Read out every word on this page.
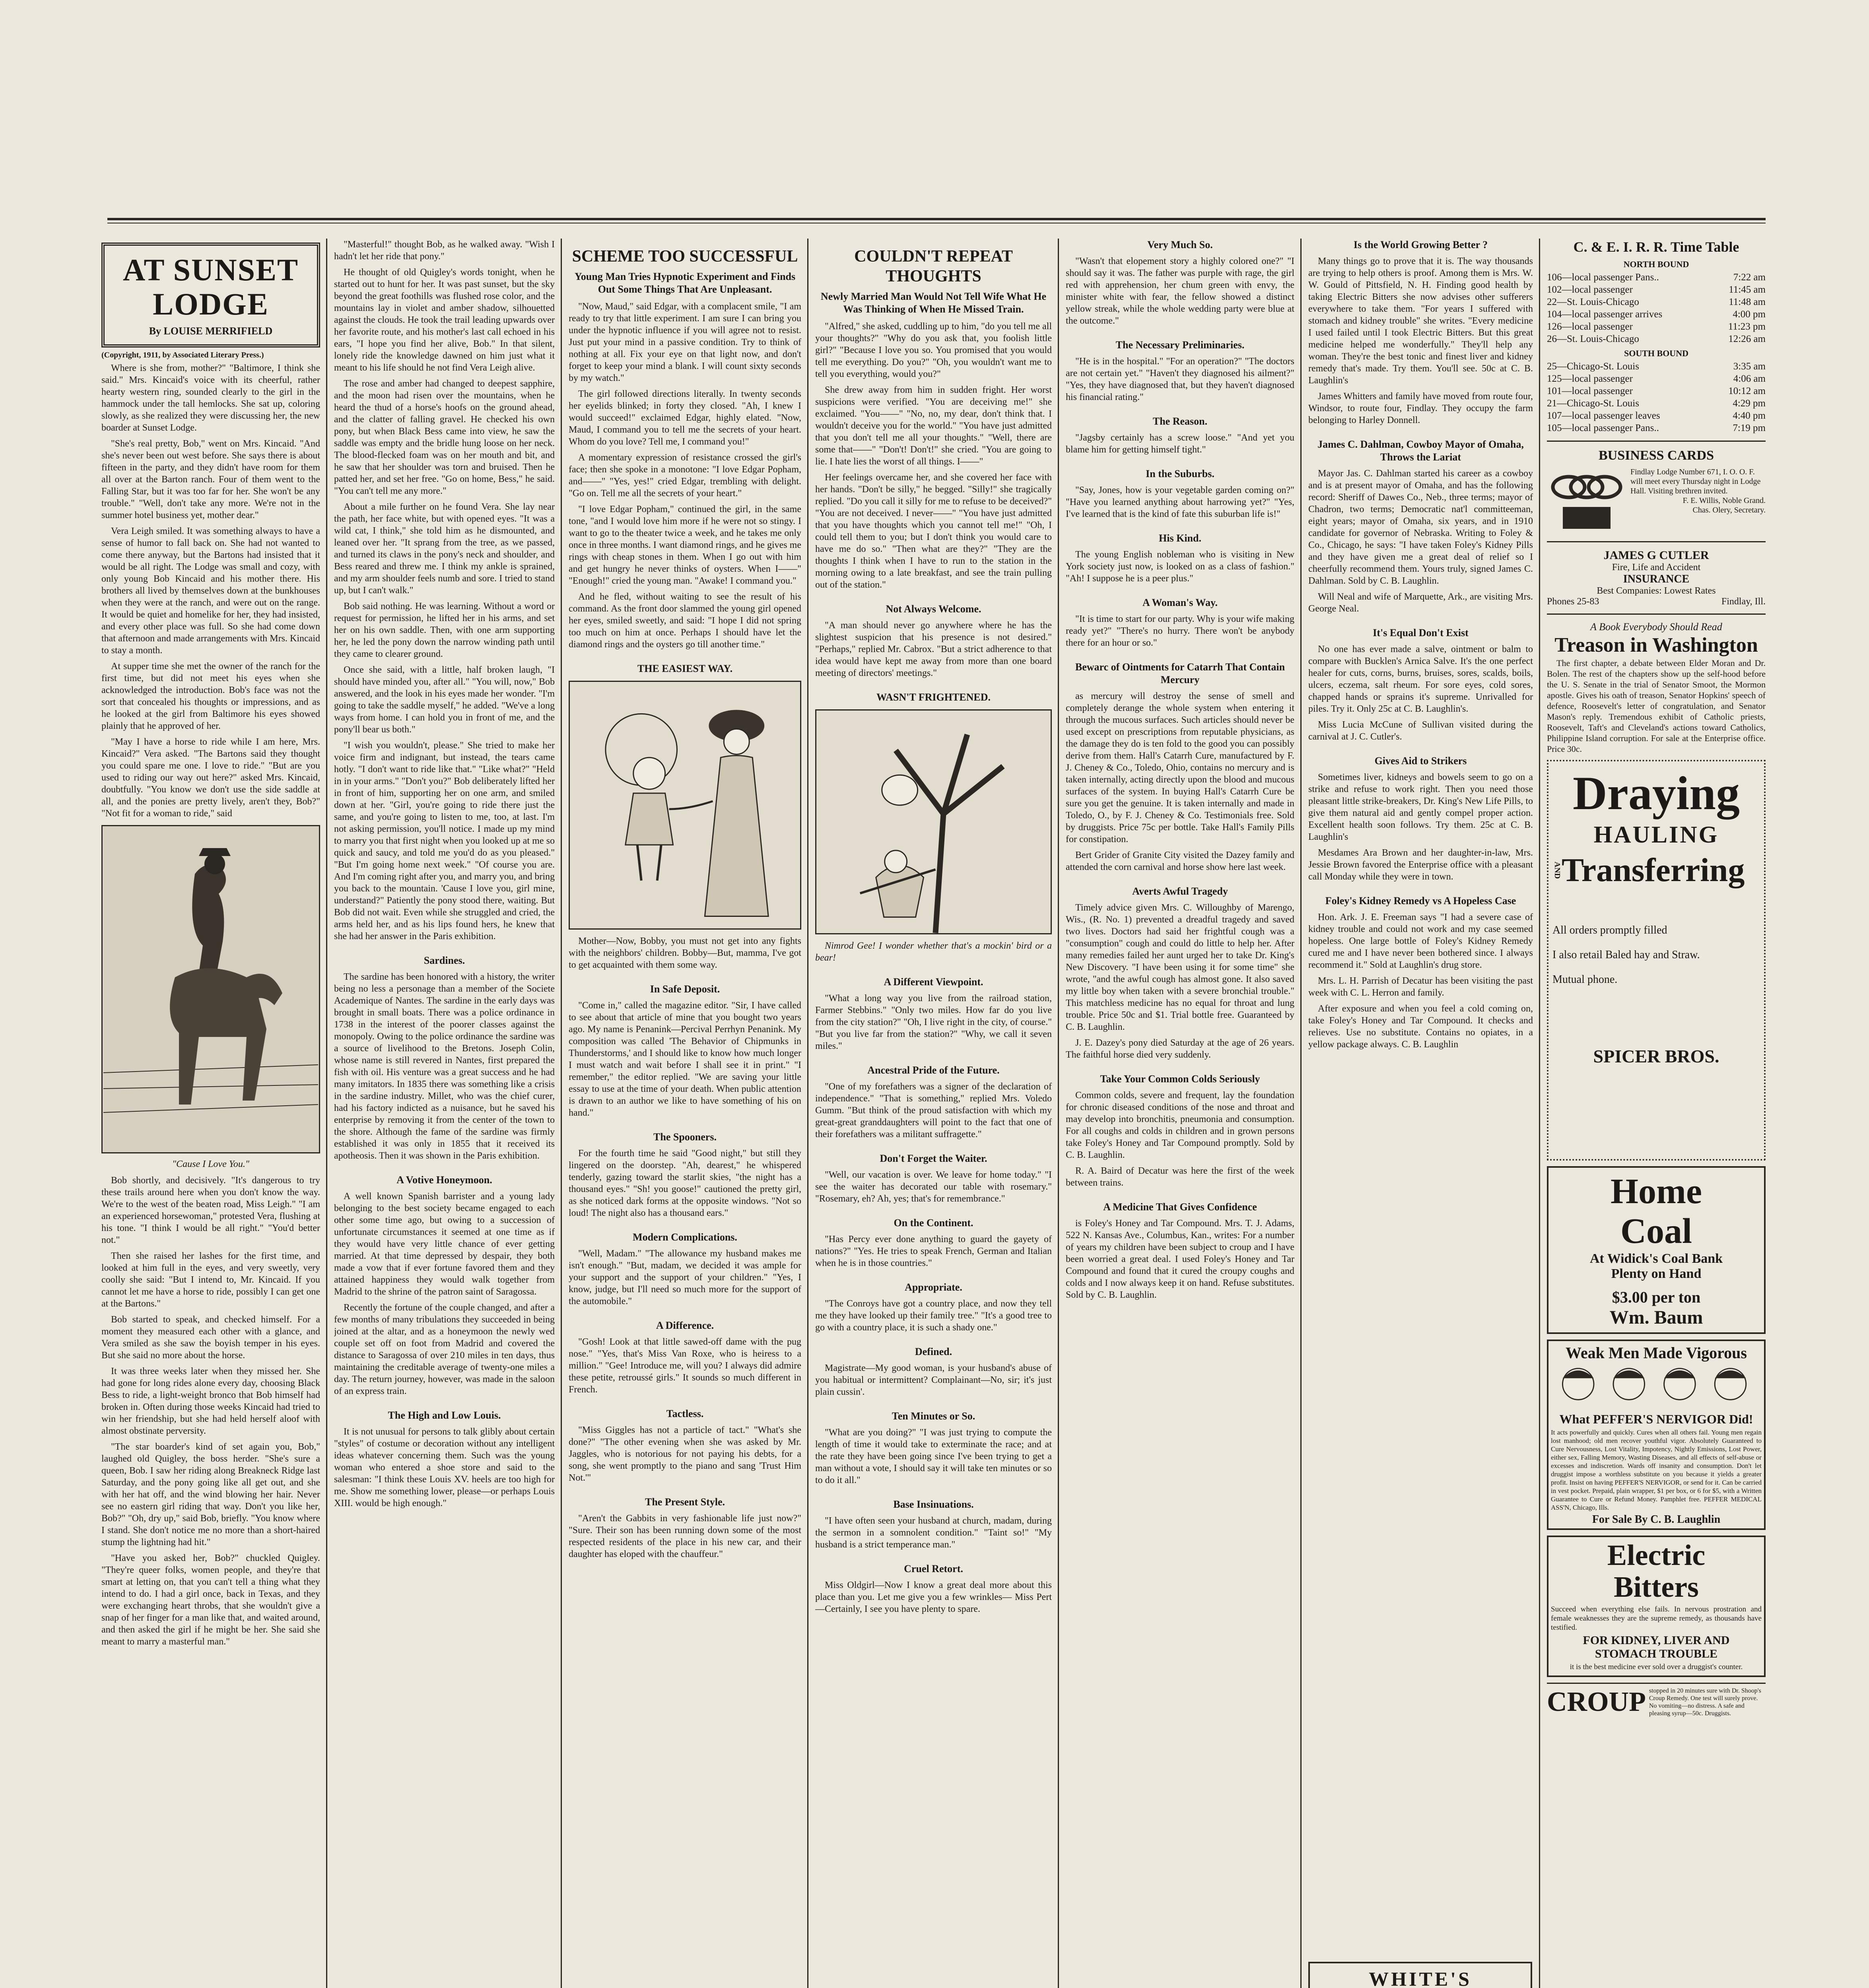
AT SUNSET
LODGE
By LOUISE MERRIFIELD
(Copyright, 1911, by Associated Literary Press.)

Where is she from, mother?" "Baltimore, I think she said." Mrs. Kincaid's voice with its cheerful, rather hearty western ring, sounded clearly to the girl in the hammock under the tall hemlocks. She sat up, coloring slowly, as she realized they were discussing her, the new boarder at Sunset Lodge.

"She's real pretty, Bob," went on Mrs. Kincaid. "And she's never been out west before. She says there is about fifteen in the party, and they didn't have room for them all over at the Barton ranch. Four of them went to the Falling Star, but it was too far for her. She won't be any trouble." "Well, don't take any more. We're not in the summer hotel business yet, mother dear."

Vera Leigh smiled. It was something always to have a sense of humor to fall back on. She had not wanted to come there anyway, but the Bartons had insisted that it would be all right. The Lodge was small and cozy, with only young Bob Kincaid and his mother there. His brothers all lived by themselves down at the bunkhouses when they were at the ranch, and were out on the range. It would be quiet and homelike for her, they had insisted, and every other place was full. So she had come down that afternoon and made arrangements with Mrs. Kincaid to stay a month.

At supper time she met the owner of the ranch for the first time, but did not meet his eyes when she acknowledged the introduction. Bob's face was not the sort that concealed his thoughts or impressions, and as he looked at the girl from Baltimore his eyes showed plainly that he approved of her.

"May I have a horse to ride while I am here, Mrs. Kincaid?" Vera asked. "The Bartons said they thought you could spare me one. I love to ride." "But are you used to riding our way out here?" asked Mrs. Kincaid, doubtfully. "You know we don't use the side saddle at all, and the ponies are pretty lively, aren't they, Bob?" "Not fit for a woman to ride," said

"Cause I Love You."

Bob shortly, and decisively. "It's dangerous to try these trails around here when you don't know the way. We're to the west of the beaten road, Miss Leigh." "I am an experienced horsewoman," protested Vera, flushing at his tone. "I think I would be all right." "You'd better not."

Then she raised her lashes for the first time, and looked at him full in the eyes, and very sweetly, very coolly she said: "But I intend to, Mr. Kincaid. If you cannot let me have a horse to ride, possibly I can get one at the Bartons."

Bob started to speak, and checked himself. For a moment they measured each other with a glance, and Vera smiled as she saw the boyish temper in his eyes. But she said no more about the horse.

It was three weeks later when they missed her. She had gone for long rides alone every day, choosing Black Bess to ride, a light-weight bronco that Bob himself had broken in. Often during those weeks Kincaid had tried to win her friendship, but she had held herself aloof with almost obstinate perversity.

"The star boarder's kind of set again you, Bob," laughed old Quigley, the boss herder. "She's sure a queen, Bob. I saw her riding along Breakneck Ridge last Saturday, and the pony going like all get out, and she with her hat off, and the wind blowing her hair. Never see no eastern girl riding that way. Don't you like her, Bob?" "Oh, dry up," said Bob, briefly. "You know where I stand. She don't notice me no more than a short-haired stump the lightning had hit."

"Have you asked her, Bob?" chuckled Quigley. "They're queer folks, women people, and they're that smart at letting on, that you can't tell a thing what they intend to do. I had a girl once, back in Texas, and they were exchanging heart throbs, that she wouldn't give a snap of her finger for a man like that, and waited around, and then asked the girl if he might be her. She said she meant to marry a masterful man."

"Masterful!" thought Bob, as he walked away. "Wish I hadn't let her ride that pony."

He thought of old Quigley's words tonight, when he started out to hunt for her. It was past sunset, but the sky beyond the great foothills was flushed rose color, and the mountains lay in violet and amber shadow, silhouetted against the clouds. He took the trail leading upwards over her favorite route, and his mother's last call echoed in his ears, "I hope you find her alive, Bob." In that silent, lonely ride the knowledge dawned on him just what it meant to his life should he not find Vera Leigh alive.

The rose and amber had changed to deepest sapphire, and the moon had risen over the mountains, when he heard the thud of a horse's hoofs on the ground ahead, and the clatter of falling gravel. He checked his own pony, but when Black Bess came into view, he saw the saddle was empty and the bridle hung loose on her neck. The blood-flecked foam was on her mouth and bit, and he saw that her shoulder was torn and bruised. Then he patted her, and set her free. "Go on home, Bess," he said. "You can't tell me any more."

About a mile further on he found Vera. She lay near the path, her face white, but with opened eyes. "It was a wild cat, I think," she told him as he dismounted, and leaned over her. "It sprang from the tree, as we passed, and turned its claws in the pony's neck and shoulder, and Bess reared and threw me. I think my ankle is sprained, and my arm shoulder feels numb and sore. I tried to stand up, but I can't walk."

Bob said nothing. He was learning. Without a word or request for permission, he lifted her in his arms, and set her on his own saddle. Then, with one arm supporting her, he led the pony down the narrow winding path until they came to clearer ground.

Once she said, with a little, half broken laugh, "I should have minded you, after all." "You will, now," Bob answered, and the look in his eyes made her wonder. "I'm going to take the saddle myself," he added. "We've a long ways from home. I can hold you in front of me, and the pony'll bear us both."

"I wish you wouldn't, please." She tried to make her voice firm and indignant, but instead, the tears came hotly. "I don't want to ride like that." "Like what?" "Held in in your arms." "Don't you?" Bob deliberately lifted her in front of him, supporting her on one arm, and smiled down at her. "Girl, you're going to ride there just the same, and you're going to listen to me, too, at last. I'm not asking permission, you'll notice. I made up my mind to marry you that first night when you looked up at me so quick and saucy, and told me you'd do as you pleased." "But I'm going home next week." "Of course you are. And I'm coming right after you, and marry you, and bring you back to the mountain. 'Cause I love you, girl mine, understand?" Patiently the pony stood there, waiting. But Bob did not wait. Even while she struggled and cried, the arms held her, and as his lips found hers, he knew that she had her answer in the Paris exhibition.

Sardines.

The sardine has been honored with a history, the writer being no less a personage than a member of the Societe Academique of Nantes. The sardine in the early days was brought in small boats. There was a police ordinance in 1738 in the interest of the poorer classes against the monopoly. Owing to the police ordinance the sardine was a source of livelihood to the Bretons. Joseph Colin, whose name is still revered in Nantes, first prepared the fish with oil. His venture was a great success and he had many imitators. In 1835 there was something like a crisis in the sardine industry. Millet, who was the chief curer, had his factory indicted as a nuisance, but he saved his enterprise by removing it from the center of the town to the shore. Although the fame of the sardine was firmly established it was only in 1855 that it received its apotheosis. Then it was shown in the Paris exhibition.

A Votive Honeymoon.

A well known Spanish barrister and a young lady belonging to the best society became engaged to each other some time ago, but owing to a succession of unfortunate circumstances it seemed at one time as if they would have very little chance of ever getting married. At that time depressed by despair, they both made a vow that if ever fortune favored them and they attained happiness they would walk together from Madrid to the shrine of the patron saint of Saragossa.

Recently the fortune of the couple changed, and after a few months of many tribulations they succeeded in being joined at the altar, and as a honeymoon the newly wed couple set off on foot from Madrid and covered the distance to Saragossa of over 210 miles in ten days, thus maintaining the creditable average of twenty-one miles a day. The return journey, however, was made in the saloon of an express train.

The High and Low Louis.

It is not unusual for persons to talk glibly about certain "styles" of costume or decoration without any intelligent ideas whatever concerning them. Such was the young woman who entered a shoe store and said to the salesman: "I think these Louis XV. heels are too high for me. Show me something lower, please—or perhaps Louis XIII. would be high enough."

SCHEME TOO SUCCESSFUL
Young Man Tries Hypnotic Experiment and Finds Out Some Things That Are Unpleasant.

"Now, Maud," said Edgar, with a complacent smile, "I am ready to try that little experiment. I am sure I can bring you under the hypnotic influence if you will agree not to resist. Just put your mind in a passive condition. Try to think of nothing at all. Fix your eye on that light now, and don't forget to keep your mind a blank. I will count sixty seconds by my watch."

The girl followed directions literally. In twenty seconds her eyelids blinked; in forty they closed. "Ah, I knew I would succeed!" exclaimed Edgar, highly elated. "Now, Maud, I command you to tell me the secrets of your heart. Whom do you love? Tell me, I command you!"

A momentary expression of resistance crossed the girl's face; then she spoke in a monotone: "I love Edgar Popham, and——" "Yes, yes!" cried Edgar, trembling with delight. "Go on. Tell me all the secrets of your heart."

"I love Edgar Popham," continued the girl, in the same tone, "and I would love him more if he were not so stingy. I want to go to the theater twice a week, and he takes me only once in three months. I want diamond rings, and he gives me rings with cheap stones in them. When I go out with him and get hungry he never thinks of oysters. When I——" "Enough!" cried the young man. "Awake! I command you."

And he fled, without waiting to see the result of his command. As the front door slammed the young girl opened her eyes, smiled sweetly, and said: "I hope I did not spring too much on him at once. Perhaps I should have let the diamond rings and the oysters go till another time."

THE EASIEST WAY.

Mother—Now, Bobby, you must not get into any fights with the neighbors' children. Bobby—But, mamma, I've got to get acquainted with them some way.

In Safe Deposit.

"Come in," called the magazine editor. "Sir, I have called to see about that article of mine that you bought two years ago. My name is Penanink—Percival Perrhyn Penanink. My composition was called 'The Behavior of Chipmunks in Thunderstorms,' and I should like to know how much longer I must watch and wait before I shall see it in print." "I remember," the editor replied. "We are saving your little essay to use at the time of your death. When public attention is drawn to an author we like to have something of his on hand."

The Spooners.

For the fourth time he said "Good night," but still they lingered on the doorstep. "Ah, dearest," he whispered tenderly, gazing toward the starlit skies, "the night has a thousand eyes." "Sh! you goose!" cautioned the pretty girl, as she noticed dark forms at the opposite windows. "Not so loud! The night also has a thousand ears."

Modern Complications.

"Well, Madam." "The allowance my husband makes me isn't enough." "But, madam, we decided it was ample for your support and the support of your children." "Yes, I know, judge, but I'll need so much more for the support of the automobile."

A Difference.

"Gosh! Look at that little sawed-off dame with the pug nose." "Yes, that's Miss Van Roxe, who is heiress to a million." "Gee! Introduce me, will you? I always did admire these petite, retroussé girls." It sounds so much different in French.

Tactless.

"Miss Giggles has not a particle of tact." "What's she done?" "The other evening when she was asked by Mr. Jaggles, who is notorious for not paying his debts, for a song, she went promptly to the piano and sang 'Trust Him Not.'"

The Present Style.

"Aren't the Gabbits in very fashionable life just now?" "Sure. Their son has been running down some of the most respected residents of the place in his new car, and their daughter has eloped with the chauffeur."

COULDN'T REPEAT THOUGHTS
Newly Married Man Would Not Tell Wife What He Was Thinking of When He Missed Train.

"Alfred," she asked, cuddling up to him, "do you tell me all your thoughts?" "Why do you ask that, you foolish little girl?" "Because I love you so. You promised that you would tell me everything. Do you?" "Oh, you wouldn't want me to tell you everything, would you?"

She drew away from him in sudden fright. Her worst suspicions were verified. "You are deceiving me!" she exclaimed. "You——" "No, no, my dear, don't think that. I wouldn't deceive you for the world." "You have just admitted that you don't tell me all your thoughts." "Well, there are some that——" "Don't! Don't!" she cried. "You are going to lie. I hate lies the worst of all things. I——"

Her feelings overcame her, and she covered her face with her hands. "Don't be silly," he begged. "Silly!" she tragically replied. "Do you call it silly for me to refuse to be deceived?" "You are not deceived. I never——" "You have just admitted that you have thoughts which you cannot tell me!" "Oh, I could tell them to you; but I don't think you would care to have me do so." "Then what are they?" "They are the thoughts I think when I have to run to the station in the morning owing to a late breakfast, and see the train pulling out of the station."

Not Always Welcome.

"A man should never go anywhere where he has the slightest suspicion that his presence is not desired." "Perhaps," replied Mr. Cabrox. "But a strict adherence to that idea would have kept me away from more than one board meeting of directors' meetings."

WASN'T FRIGHTENED.

Nimrod Gee! I wonder whether that's a mockin' bird or a bear!

A Different Viewpoint.

"What a long way you live from the railroad station, Farmer Stebbins." "Only two miles. How far do you live from the city station?" "Oh, I live right in the city, of course." "But you live far from the station?" "Why, we call it seven miles."

Ancestral Pride of the Future.

"One of my forefathers was a signer of the declaration of independence." "That is something," replied Mrs. Voledo Gumm. "But think of the proud satisfaction with which my great-great granddaughters will point to the fact that one of their forefathers was a militant suffragette."

Don't Forget the Waiter.

"Well, our vacation is over. We leave for home today." "I see the waiter has decorated our table with rosemary." "Rosemary, eh? Ah, yes; that's for remembrance."

On the Continent.

"Has Percy ever done anything to guard the gayety of nations?" "Yes. He tries to speak French, German and Italian when he is in those countries."

Appropriate.

"The Conroys have got a country place, and now they tell me they have looked up their family tree." "It's a good tree to go with a country place, it is such a shady one."

Defined.

Magistrate—My good woman, is your husband's abuse of you habitual or intermittent? Complainant—No, sir; it's just plain cussin'.

Ten Minutes or So.

"What are you doing?" "I was just trying to compute the length of time it would take to exterminate the race; and at the rate they have been going since I've been trying to get a man without a vote, I should say it will take ten minutes or so to do it all."

Base Insinuations.

"I have often seen your husband at church, madam, during the sermon in a somnolent condition." "Taint so!" "My husband is a strict temperance man."

Cruel Retort.

Miss Oldgirl—Now I know a great deal more about this place than you. Let me give you a few wrinkles— Miss Pert—Certainly, I see you have plenty to spare.

Very Much So.

"Wasn't that elopement story a highly colored one?" "I should say it was. The father was purple with rage, the girl red with apprehension, her chum green with envy, the minister white with fear, the fellow showed a distinct yellow streak, while the whole wedding party were blue at the outcome."

The Necessary Preliminaries.

"He is in the hospital." "For an operation?" "The doctors are not certain yet." "Haven't they diagnosed his ailment?" "Yes, they have diagnosed that, but they haven't diagnosed his financial rating."

The Reason.

"Jagsby certainly has a screw loose." "And yet you blame him for getting himself tight."

In the Suburbs.

"Say, Jones, how is your vegetable garden coming on?" "Have you learned anything about harrowing yet?" "Yes, I've learned that is the kind of fate this suburban life is!"

His Kind.

The young English nobleman who is visiting in New York society just now, is looked on as a class of fashion." "Ah! I suppose he is a peer plus."

A Woman's Way.

"It is time to start for our party. Why is your wife making ready yet?" "There's no hurry. There won't be anybody there for an hour or so."

Bewarc of Ointments for Catarrh That Contain Mercury

as mercury will destroy the sense of smell and completely derange the whole system when entering it through the mucous surfaces. Such articles should never be used except on prescriptions from reputable physicians, as the damage they do is ten fold to the good you can possibly derive from them. Hall's Catarrh Cure, manufactured by F. J. Cheney & Co., Toledo, Ohio, contains no mercury and is taken internally, acting directly upon the blood and mucous surfaces of the system. In buying Hall's Catarrh Cure be sure you get the genuine. It is taken internally and made in Toledo, O., by F. J. Cheney & Co. Testimonials free. Sold by druggists. Price 75c per bottle. Take Hall's Family Pills for constipation.

Bert Grider of Granite City visited the Dazey family and attended the corn carnival and horse show here last week.

Averts Awful Tragedy

Timely advice given Mrs. C. Willoughby of Marengo, Wis., (R. No. 1) prevented a dreadful tragedy and saved two lives. Doctors had said her frightful cough was a "consumption" cough and could do little to help her. After many remedies failed her aunt urged her to take Dr. King's New Discovery. "I have been using it for some time" she wrote, "and the awful cough has almost gone. It also saved my little boy when taken with a severe bronchial trouble." This matchless medicine has no equal for throat and lung trouble. Price 50c and $1. Trial bottle free. Guaranteed by C. B. Laughlin.

J. E. Dazey's pony died Saturday at the age of 26 years. The faithful horse died very suddenly.

Take Your Common Colds Seriously

Common colds, severe and frequent, lay the foundation for chronic diseased conditions of the nose and throat and may develop into bronchitis, pneumonia and consumption. For all coughs and colds in children and in grown persons take Foley's Honey and Tar Compound promptly. Sold by C. B. Laughlin.

R. A. Baird of Decatur was here the first of the week between trains.

A Medicine That Gives Confidence

is Foley's Honey and Tar Compound. Mrs. T. J. Adams, 522 N. Kansas Ave., Columbus, Kan., writes: For a number of years my children have been subject to croup and I have been worried a great deal. I used Foley's Honey and Tar Compound and found that it cured the croupy coughs and colds and I now always keep it on hand. Refuse substitutes. Sold by C. B. Laughlin.

Is the World Growing Better ?

Many things go to prove that it is. The way thousands are trying to help others is proof. Among them is Mrs. W. W. Gould of Pittsfield, N. H. Finding good health by taking Electric Bitters she now advises other sufferers everywhere to take them. "For years I suffered with stomach and kidney trouble" she writes. "Every medicine I used failed until I took Electric Bitters. But this great medicine helped me wonderfully." They'll help any woman. They're the best tonic and finest liver and kidney remedy that's made. Try them. You'll see. 50c at C. B. Laughlin's

James Whitters and family have moved from route four, Windsor, to route four, Findlay. They occupy the farm belonging to Harley Donnell.

James C. Dahlman, Cowboy Mayor of Omaha, Throws the Lariat

Mayor Jas. C. Dahlman started his career as a cowboy and is at present mayor of Omaha, and has the following record: Sheriff of Dawes Co., Neb., three terms; mayor of Chadron, two terms; Democratic nat'l committeeman, eight years; mayor of Omaha, six years, and in 1910 candidate for governor of Nebraska. Writing to Foley & Co., Chicago, he says: "I have taken Foley's Kidney Pills and they have given me a great deal of relief so I cheerfully recommend them. Yours truly, signed James C. Dahlman. Sold by C. B. Laughlin.

Will Neal and wife of Marquette, Ark., are visiting Mrs. George Neal.

It's Equal Don't Exist

No one has ever made a salve, ointment or balm to compare with Bucklen's Arnica Salve. It's the one perfect healer for cuts, corns, burns, bruises, sores, scalds, boils, ulcers, eczema, salt rheum. For sore eyes, cold sores, chapped hands or sprains it's supreme. Unrivalled for piles. Try it. Only 25c at C. B. Laughlin's.

Miss Lucia McCune of Sullivan visited during the carnival at J. C. Cutler's.

Gives Aid to Strikers

Sometimes liver, kidneys and bowels seem to go on a strike and refuse to work right. Then you need those pleasant little strike-breakers, Dr. King's New Life Pills, to give them natural aid and gently compel proper action. Excellent health soon follows. Try them. 25c at C. B. Laughlin's

Mesdames Ara Brown and her daughter-in-law, Mrs. Jessie Brown favored the Enterprise office with a pleasant call Monday while they were in town.

Foley's Kidney Remedy vs A Hopeless Case

Hon. Ark. J. E. Freeman says "I had a severe case of kidney trouble and could not work and my case seemed hopeless. One large bottle of Foley's Kidney Remedy cured me and I have never been bothered since. I always recommend it." Sold at Laughlin's drug store.

Mrs. L. H. Parrish of Decatur has been visiting the past week with C. L. Herron and family.

After exposure and when you feel a cold coming on, take Foley's Honey and Tar Compound. It checks and relieves. Use no substitute. Contains no opiates, in a yellow package always. C. B. Laughlin

WHITE'S
C. & E. I. R. R. Time Table
NORTH BOUND
106—local passenger Pans..	7:22 am
102—local passenger	11:45 am
22—St. Louis-Chicago	11:48 am
104—local passenger arrives	4:00 pm
126—local passenger	11:23 pm
26—St. Louis-Chicago	12:26 am
SOUTH BOUND
25—Chicago-St. Louis	3:35 am
125—local passenger	4:06 am
101—local passenger	10:12 am
21—Chicago-St. Louis	4:29 pm
107—local passenger leaves	4:40 pm
105—local passenger Pans..	7:19 pm
BUSINESS CARDS
Findlay Lodge Number 671, I. O. O. F. will meet every Thursday night in Lodge Hall. Visiting brethren invited.
F. E. Willis, Noble Grand.
Chas. Olery, Secretary.
JAMES G CUTLER
Fire, Life and Accident
INSURANCE
Best Companies: Lowest Rates
Phones 25-83	Findlay, Ill.
A Book Everybody Should Read
Treason in Washington

The first chapter, a debate between Elder Moran and Dr. Bolen. The rest of the chapters show up the self-hood before the U. S. Senate in the trial of Senator Smoot, the Mormon apostle. Gives his oath of treason, Senator Hopkins' speech of defence, Roosevelt's letter of congratulation, and Senator Mason's reply. Tremendous exhibit of Catholic priests, Roosevelt, Taft's and Cleveland's actions toward Catholics, Philippine Island corruption. For sale at the Enterprise office. Price 30c.

Draying
HAULING
AND Transferring
All orders promptly filled
I also retail Baled hay and Straw.
Mutual phone.
SPICER BROS.
Home
Coal
At Widick's Coal Bank
Plenty on Hand
$3.00 per ton
Wm. Baum
Weak Men Made Vigorous
What PEFFER'S NERVIGOR Did!

It acts powerfully and quickly. Cures when all others fail. Young men regain lost manhood; old men recover youthful vigor. Absolutely Guaranteed to Cure Nervousness, Lost Vitality, Impotency, Nightly Emissions, Lost Power, either sex, Falling Memory, Wasting Diseases, and all effects of self-abuse or excesses and indiscretion. Wards off insanity and consumption. Don't let druggist impose a worthless substitute on you because it yields a greater profit. Insist on having PEFFER'S NERVIGOR, or send for it. Can be carried in vest pocket. Prepaid, plain wrapper, $1 per box, or 6 for $5, with a Written Guarantee to Cure or Refund Money. Pamphlet free. PEFFER MEDICAL ASS'N, Chicago, Ills.

For Sale By C. B. Laughlin
Electric
Bitters

Succeed when everything else fails. In nervous prostration and female weaknesses they are the supreme remedy, as thousands have testified.

FOR KIDNEY, LIVER AND STOMACH TROUBLE

it is the best medicine ever sold over a druggist's counter.

CROUP stopped in 20 minutes sure with Dr. Shoop's Croup Remedy. One test will surely prove. No vomiting—no distress. A safe and pleasing syrup—50c. Druggists.
